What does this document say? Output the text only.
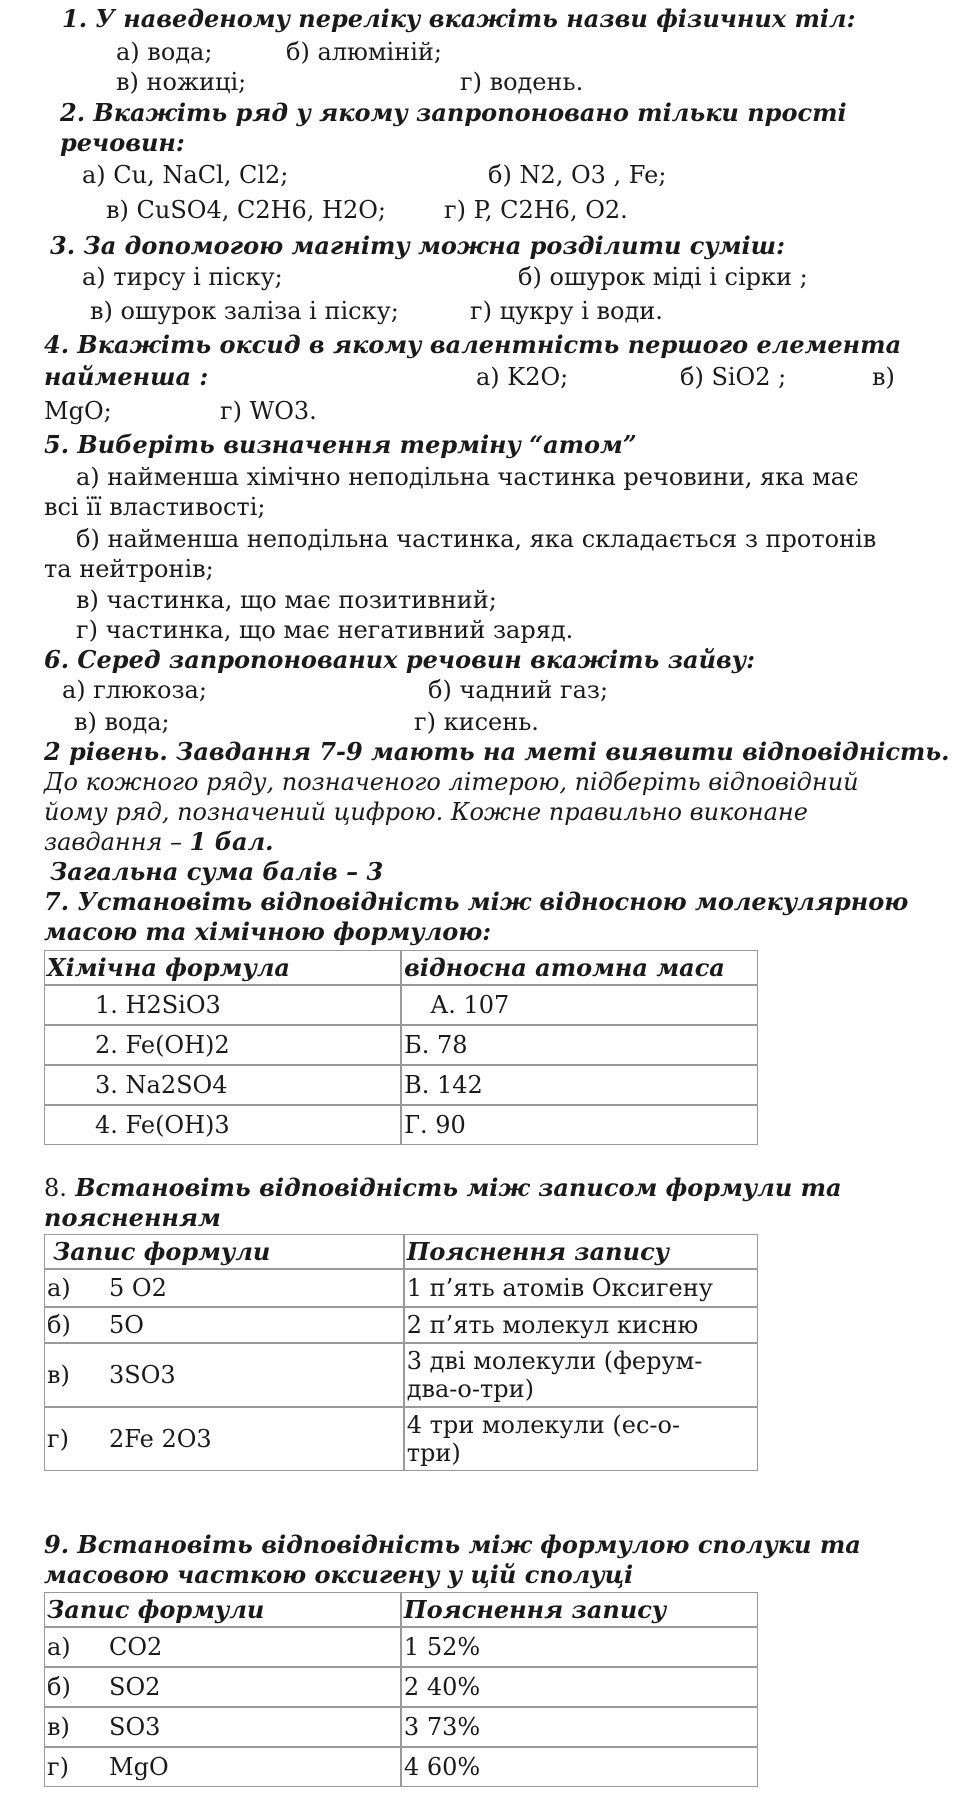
1. У наведеному переліку вкажіть назви фізичних тіл:
а) вода;	б) алюміній;
в) ножиці;	г) водень.
2. Вкажіть ряд у якому запропоновано тільки прості
речовин:
а) Cu, NaCl, Cl2;	б) N2, O3 , Fe;
в) CuSO4, C2H6, H2O; г) P, C2H6, O2.
3. За допомогою магніту можна розділити суміш:
а) тирсу і піску;	б) ошурок міді і сірки ;
в) ошурок заліза і піску;	г) цукру і води.
4. Вкажіть оксид в якому валентність першого елемента
найменша :	а) K2O;	б) SiO2 ;	в)
MgO;	г) WO3.
5. Виберіть визначення терміну “атом”
а) найменша хімічно неподільна частинка речовини, яка має
всі її властивості;
б) найменша неподільна частинка, яка складається з протонів
та нейтронів;
в) частинка, що має позитивний;
г) частинка, що має негативний заряд.
6. Серед запропонованих речовин вкажіть зайву:
а) глюкоза;	б) чадний газ;
в) вода;	г) кисень.
2 рівень. Завдання 7-9 мають на меті виявити відповідність.
До кожного ряду, позначеного літерою, підберіть відповідний
йому ряд, позначений цифрою. Кожне правильно виконане
завдання – 1 бал.
Загальна сума балів – 3
7. Установіть відповідність між відносною молекулярною
масою та хімічною формулою:
Хімічна формула	відносна атомна маса
1. H2SiO3	А. 107
2. Fe(OH)2	Б. 78
3. Na2SO4	В. 142
4. Fe(OH)3	Г. 90
8. Встановіть відповідність між записом формули та
поясненням
Запис формули	Пояснення запису
а) 5 O2	1 п’ять атомів Оксигену
б) 5O	2 п’ять молекул кисню
в) 3SO3	3 дві молекули (ферум-
два-о-три)

г) 2Fe 2O3	4 три молекули (ес-о-
три)
9. Встановіть відповідність між формулою сполуки та
масовою часткою оксигену у цій сполуці
Запис формули	Пояснення запису
а) CO2	1 52%
б) SO2	2 40%
в) SO3	3 73%
г) MgO	4 60%
